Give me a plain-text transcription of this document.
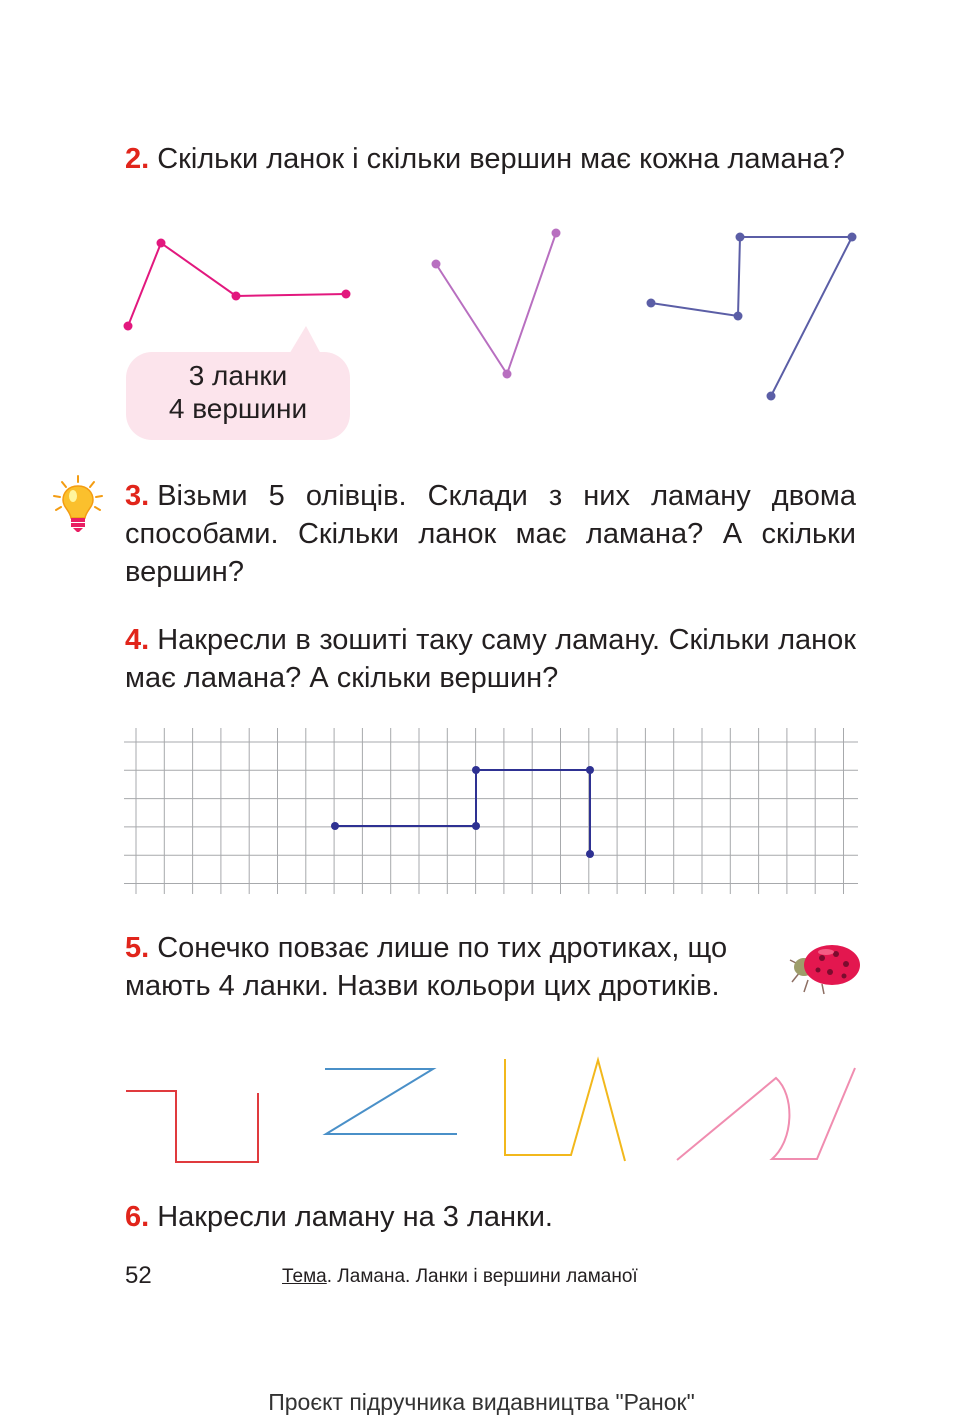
2. Скільки ланок і скільки вершин має кожна ламана?
3 ланки
4 вершини
3. Візьми 5 олівців. Склади з них ламану двома способами. Скільки ланок має ламана? А скільки вершин?
4. Накресли в зошиті таку саму ламану. Скільки ланок має ламана? А скільки вершин?
5. Сонечко повзає лише по тих дротиках, що мають 4 ланки. Назви кольори цих дротиків.
6. Накресли ламану на 3 ланки.
52	Тема. Ламана. Ланки і вершини ламаної
Проєкт підручника видавництва "Ранок"
